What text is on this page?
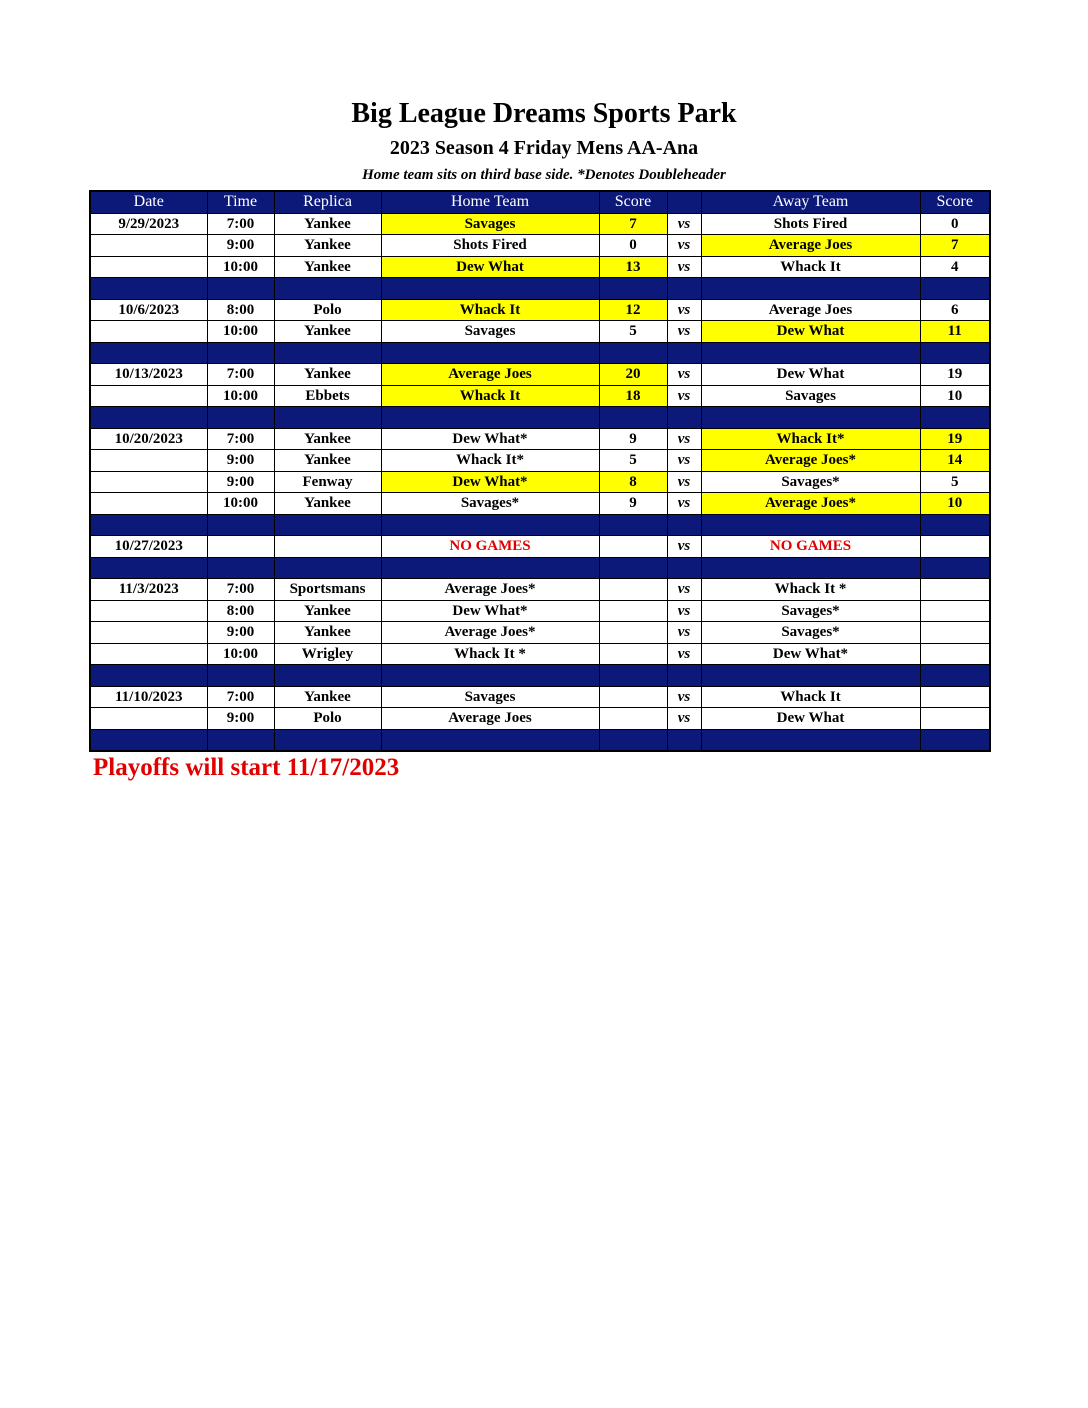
Big League Dreams Sports Park
2023 Season 4 Friday Mens AA-Ana
Home team sits on third base side. *Denotes Doubleheader
Date	Time	Replica	Home Team	Score		Away Team	Score
9/29/2023	7:00	Yankee	Savages	7	vs	Shots Fired	0
	9:00	Yankee	Shots Fired	0	vs	Average Joes	7
	10:00	Yankee	Dew What	13	vs	Whack It	4

10/6/2023	8:00	Polo	Whack It	12	vs	Average Joes	6
	10:00	Yankee	Savages	5	vs	Dew What	11

10/13/2023	7:00	Yankee	Average Joes	20	vs	Dew What	19
	10:00	Ebbets	Whack It	18	vs	Savages	10

10/20/2023	7:00	Yankee	Dew What*	9	vs	Whack It*	19
	9:00	Yankee	Whack It*	5	vs	Average Joes*	14
	9:00	Fenway	Dew What*	8	vs	Savages*	5
	10:00	Yankee	Savages*	9	vs	Average Joes*	10

10/27/2023			NO GAMES		vs	NO GAMES	

11/3/2023	7:00	Sportsmans	Average Joes*		vs	Whack It *	
	8:00	Yankee	Dew What*		vs	Savages*	
	9:00	Yankee	Average Joes*		vs	Savages*	
	10:00	Wrigley	Whack It *		vs	Dew What*	

11/10/2023	7:00	Yankee	Savages		vs	Whack It	
	9:00	Polo	Average Joes		vs	Dew What	

Playoffs will start 11/17/2023
